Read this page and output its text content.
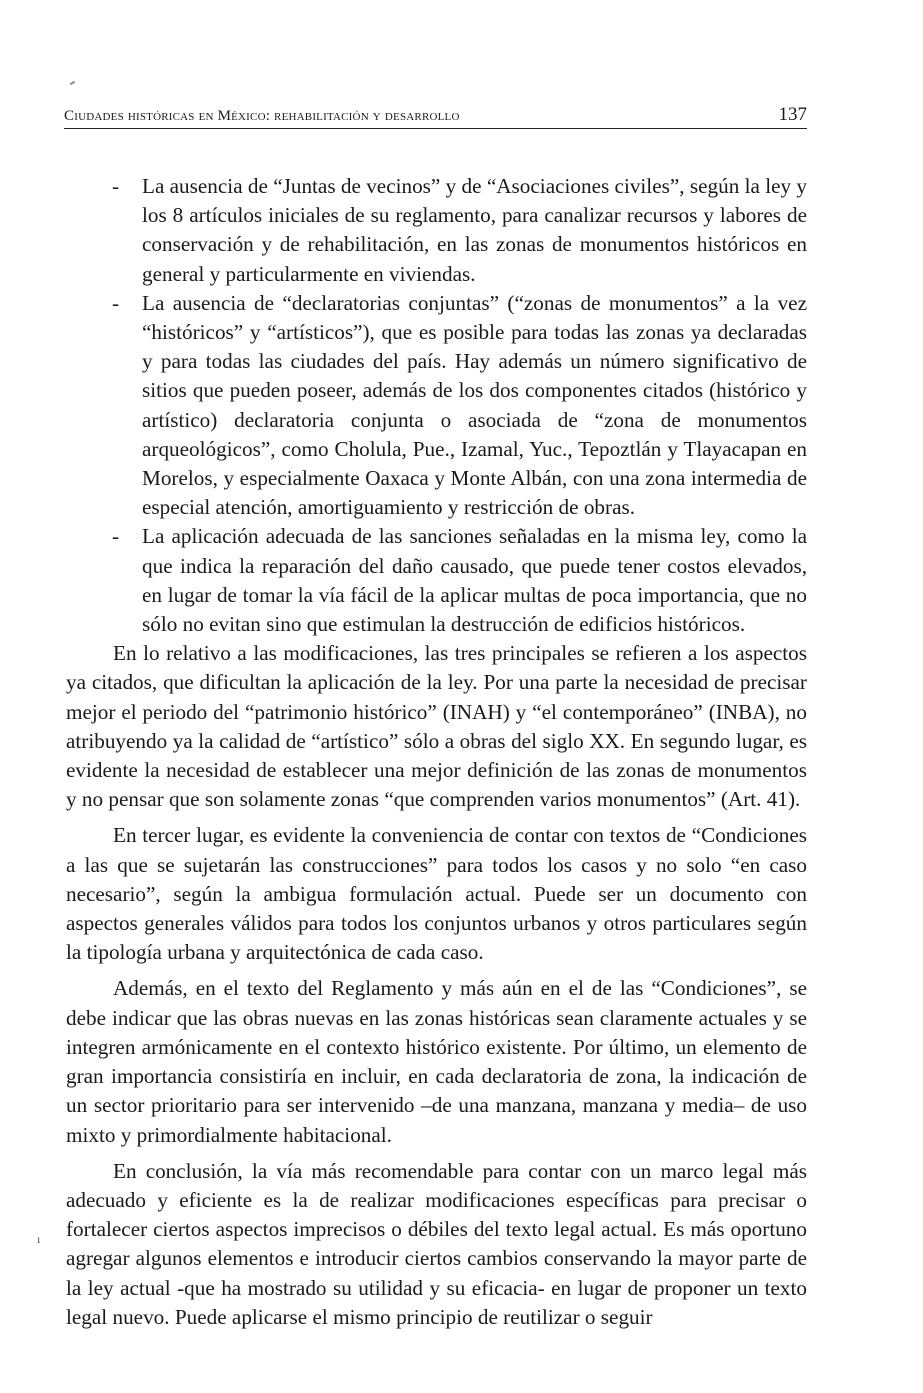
Ciudades históricas en México: rehabilitación y desarrollo	137

- La ausencia de “Juntas de vecinos” y de “Asociaciones civiles”, según la ley y los 8 artículos iniciales de su reglamento, para canalizar recursos y labores de conservación y de rehabilitación, en las zonas de monumentos históricos en general y particularmente en viviendas.

- La ausencia de “declaratorias conjuntas” (“zonas de monumentos” a la vez “históricos” y “artísticos”), que es posible para todas las zonas ya declaradas y para todas las ciudades del país. Hay además un número significativo de sitios que pueden poseer, además de los dos componentes citados (histórico y artístico) declaratoria conjunta o asociada de “zona de monumentos arqueológicos”, como Cholula, Pue., Izamal, Yuc., Tepoztlán y Tlayacapan en Morelos, y especialmente Oaxaca y Monte Albán, con una zona intermedia de especial atención, amortiguamiento y restricción de obras.

- La aplicación adecuada de las sanciones señaladas en la misma ley, como la que indica la reparación del daño causado, que puede tener costos elevados, en lugar de tomar la vía fácil de la aplicar multas de poca importancia, que no sólo no evitan sino que estimulan la destrucción de edificios históricos.

En lo relativo a las modificaciones, las tres principales se refieren a los aspectos ya citados, que dificultan la aplicación de la ley. Por una parte la necesidad de precisar mejor el periodo del “patrimonio histórico” (INAH) y “el contemporáneo” (INBA), no atribuyendo ya la calidad de “artístico” sólo a obras del siglo XX. En segundo lugar, es evidente la necesidad de establecer una mejor definición de las zonas de monumentos y no pensar que son solamente zonas “que comprenden varios monumentos” (Art. 41).

En tercer lugar, es evidente la conveniencia de contar con textos de “Condiciones a las que se sujetarán las construcciones” para todos los casos y no solo “en caso necesario”, según la ambigua formulación actual. Puede ser un documento con aspectos generales válidos para todos los conjuntos urbanos y otros particulares según la tipología urbana y arquitectónica de cada caso.

Además, en el texto del Reglamento y más aún en el de las “Condiciones”, se debe indicar que las obras nuevas en las zonas históricas sean claramente actuales y se integren armónicamente en el contexto histórico existente. Por último, un elemento de gran importancia consistiría en incluir, en cada declaratoria de zona, la indicación de un sector prioritario para ser intervenido –de una manzana, manzana y media– de uso mixto y primordialmente habitacional.

En conclusión, la vía más recomendable para contar con un marco legal más adecuado y eficiente es la de realizar modificaciones específicas para precisar o fortalecer ciertos aspectos imprecisos o débiles del texto legal actual. Es más oportuno agregar algunos elementos e introducir ciertos cambios conservando la mayor parte de la ley actual -que ha mostrado su utilidad y su eficacia- en lugar de proponer un texto legal nuevo. Puede aplicarse el mismo principio de reutilizar o seguir

ı
